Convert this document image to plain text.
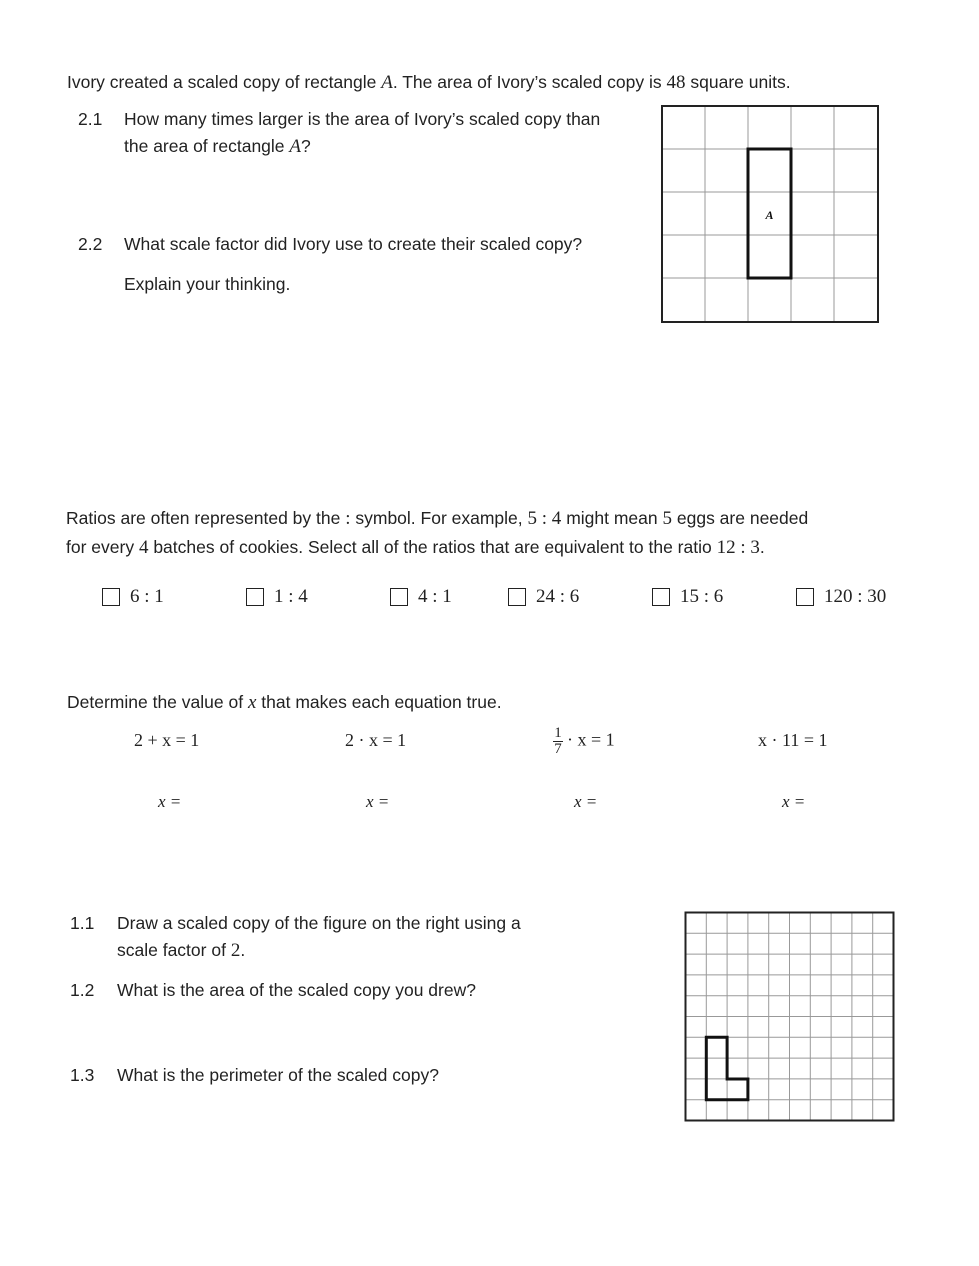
Ivory created a scaled copy of rectangle A. The area of Ivory’s scaled copy is 48 square units.
2.1	How many times larger is the area of Ivory’s scaled copy than
the area of rectangle A?
2.2	What scale factor did Ivory use to create their scaled copy?
Explain your thinking.
A
Ratios are often represented by the : symbol. For example, 5 : 4 might mean 5 eggs are needed
for every 4 batches of cookies. Select all of the ratios that are equivalent to the ratio 12 : 3.
6 : 1	1 : 4	4 : 1	24 : 6	15 : 6	120 : 30
Determine the value of x that makes each equation true.
2 + x = 1	2 · x = 1	$\frac{1}{7} \cdot x = 1$	x · 11 = 1
x =	x =	x =	x =
1.1	Draw a scaled copy of the figure on the right using a
scale factor of 2.
1.2 What is the area of the scaled copy you drew?
1.3 What is the perimeter of the scaled copy?
